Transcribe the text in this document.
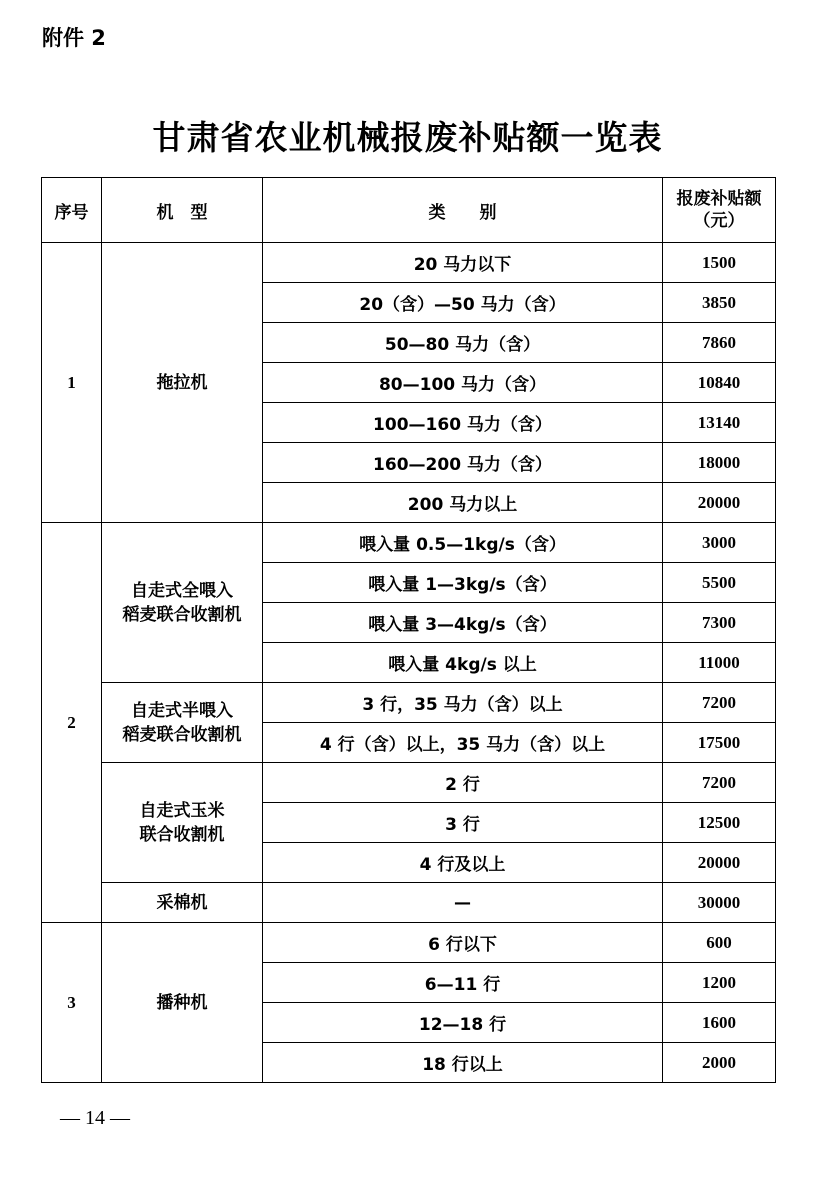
附件 2
甘肃省农业机械报废补贴额一览表
序号	机　型	类　　别	报废补贴额
（元）

1	拖拉机	20 马力以下	1500
		20（含）—50 马力（含）	3850
		50—80 马力（含）	7860
		80—100 马力（含）	10840
		100—160 马力（含）	13140
		160—200 马力（含）	18000
		200 马力以上	20000
2	自走式全喂入
稻麦联合收割机	喂入量 0.5—1kg/s（含）	3000
		喂入量 1—3kg/s（含）	5500
		喂入量 3—4kg/s（含）	7300
		喂入量 4kg/s 以上	11000

	自走式半喂入
稻麦联合收割机	3 行，35 马力（含）以上	7200
		4 行（含）以上，35 马力（含）以上	17500

	自走式玉米
联合收割机	2 行	7200
		3 行	12500
		4 行及以上	20000
	采棉机	—	30000
3	播种机	6 行以下	600
		6—11 行	1200
		12—18 行	1600
		18 行以上	2000
— 14 —
